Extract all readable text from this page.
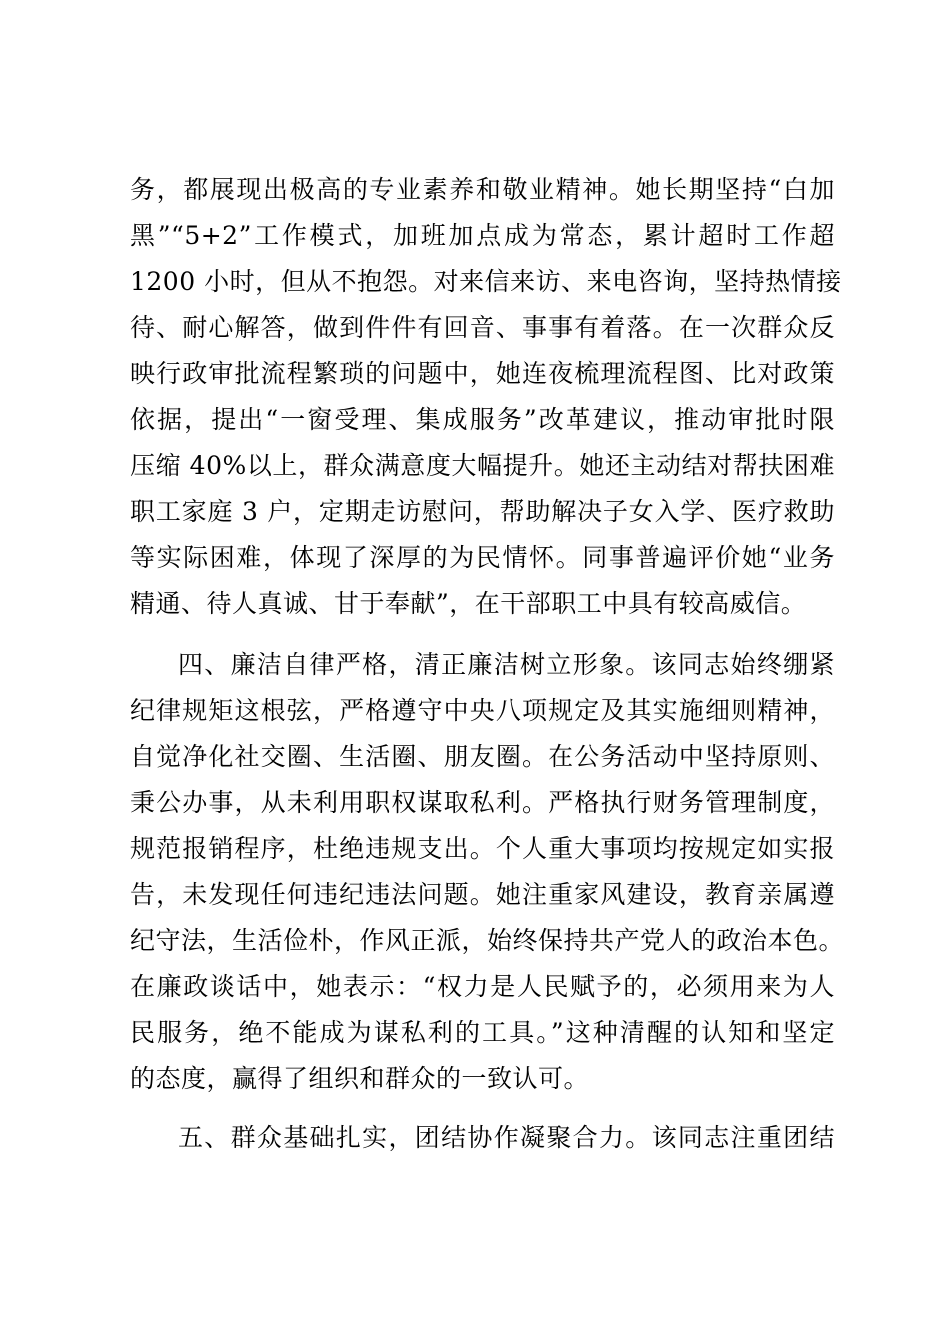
务，都展现出极高的专业素养和敬业精神。她长期坚持“白加
黑”“5+2”工作模式，加班加点成为常态，累计超时工作超
1200 小时，但从不抱怨。对来信来访、来电咨询，坚持热情接
待、耐心解答，做到件件有回音、事事有着落。在一次群众反
映行政审批流程繁琐的问题中，她连夜梳理流程图、比对政策
依据，提出“一窗受理、集成服务”改革建议，推动审批时限
压缩 40%以上，群众满意度大幅提升。她还主动结对帮扶困难
职工家庭 3 户，定期走访慰问，帮助解决子女入学、医疗救助
等实际困难，体现了深厚的为民情怀。同事普遍评价她“业务
精通、待人真诚、甘于奉献”，在干部职工中具有较高威信。
四、廉洁自律严格，清正廉洁树立形象。该同志始终绷紧
纪律规矩这根弦，严格遵守中央八项规定及其实施细则精神，
自觉净化社交圈、生活圈、朋友圈。在公务活动中坚持原则、
秉公办事，从未利用职权谋取私利。严格执行财务管理制度，
规范报销程序，杜绝违规支出。个人重大事项均按规定如实报
告，未发现任何违纪违法问题。她注重家风建设，教育亲属遵
纪守法，生活俭朴，作风正派，始终保持共产党人的政治本色。
在廉政谈话中，她表示：“权力是人民赋予的，必须用来为人
民服务，绝不能成为谋私利的工具。”这种清醒的认知和坚定
的态度，赢得了组织和群众的一致认可。
五、群众基础扎实，团结协作凝聚合力。该同志注重团结
